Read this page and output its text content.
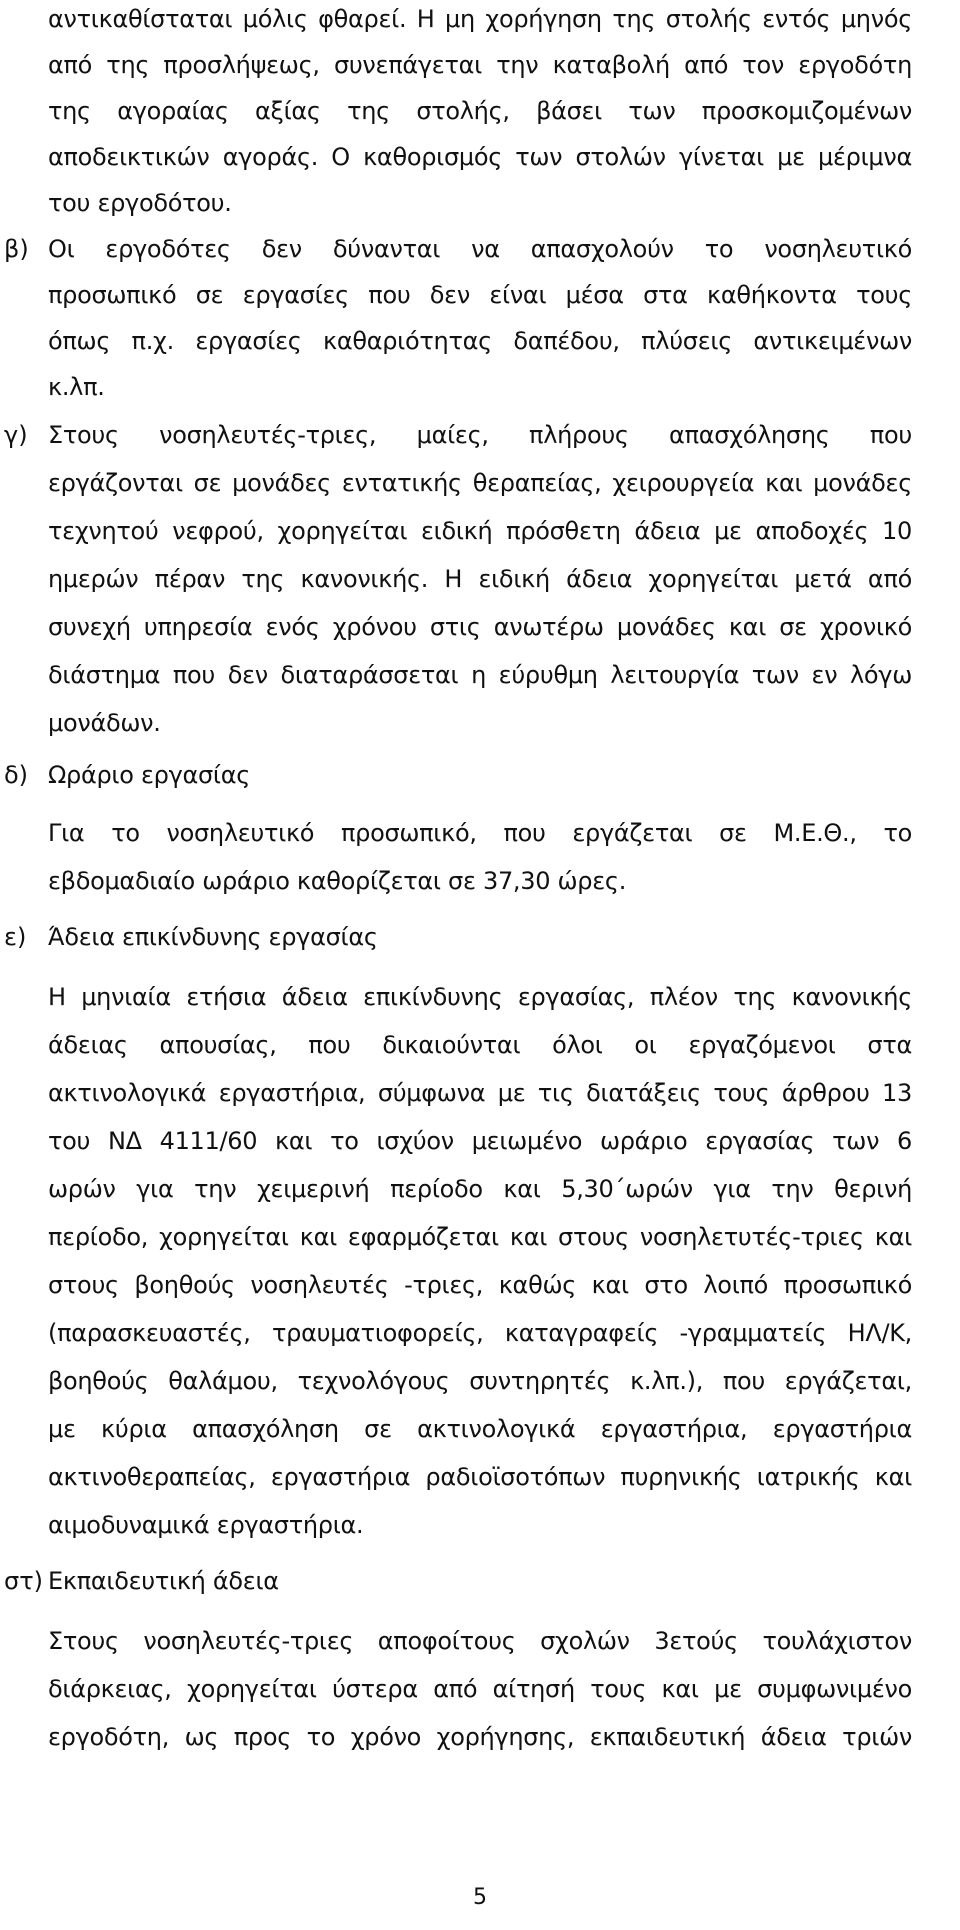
αντικαθίσταται μόλις φθαρεί. Η μη χορήγηση της στολής εντός μηνός
από της προσλήψεως, συνεπάγεται την καταβολή από τον εργοδότη
της αγοραίας αξίας της στολής, βάσει των προσκομιζομένων
αποδεικτικών αγοράς. Ο καθορισμός των στολών γίνεται με μέριμνα
του εργοδότου.
β) Οι εργοδότες δεν δύνανται να απασχολούν το νοσηλευτικό
προσωπικό σε εργασίες που δεν είναι μέσα στα καθήκοντα τους
όπως π.χ. εργασίες καθαριότητας δαπέδου, πλύσεις αντικειμένων
κ.λπ.
γ) Στους νοσηλευτές-τριες, μαίες, πλήρους απασχόλησης που
εργάζονται σε μονάδες εντατικής θεραπείας, χειρουργεία και μονάδες
τεχνητού νεφρού, χορηγείται ειδική πρόσθετη άδεια με αποδοχές 10
ημερών πέραν της κανονικής. Η ειδική άδεια χορηγείται μετά από
συνεχή υπηρεσία ενός χρόνου στις ανωτέρω μονάδες και σε χρονικό
διάστημα που δεν διαταράσσεται η εύρυθμη λειτουργία των εν λόγω
μονάδων.
δ) Ωράριο εργασίας
Για το νοσηλευτικό προσωπικό, που εργάζεται σε Μ.Ε.Θ., το
εβδομαδιαίο ωράριο καθορίζεται σε 37,30 ώρες.
ε) Άδεια επικίνδυνης εργασίας
Η μηνιαία ετήσια άδεια επικίνδυνης εργασίας, πλέον της κανονικής
άδειας απουσίας, που δικαιούνται όλοι οι εργαζόμενοι στα
ακτινολογικά εργαστήρια, σύμφωνα με τις διατάξεις τους άρθρου 13
του ΝΔ 4111/60 και το ισχύον μειωμένο ωράριο εργασίας των 6
ωρών για την χειμερινή περίοδο και 5,30΄ωρών για την θερινή
περίοδο, χορηγείται και εφαρμόζεται και στους νοσηλετυτές-τριες και
στους βοηθούς νοσηλευτές -τριες, καθώς και στο λοιπό προσωπικό
(παρασκευαστές, τραυματιοφορείς, καταγραφείς -γραμματείς ΗΛ/Κ,
βοηθούς θαλάμου, τεχνολόγους συντηρητές κ.λπ.), που εργάζεται,
με κύρια απασχόληση σε ακτινολογικά εργαστήρια, εργαστήρια
ακτινοθεραπείας, εργαστήρια ραδιοϊσοτόπων πυρηνικής ιατρικής και
αιμοδυναμικά εργαστήρια.
στ) Εκπαιδευτική άδεια
Στους νοσηλευτές-τριες αποφοίτους σχολών 3ετούς τουλάχιστον
διάρκειας, χορηγείται ύστερα από αίτησή τους και με συμφωνιμένο
εργοδότη, ως προς το χρόνο χορήγησης, εκπαιδευτική άδεια τριών
5
